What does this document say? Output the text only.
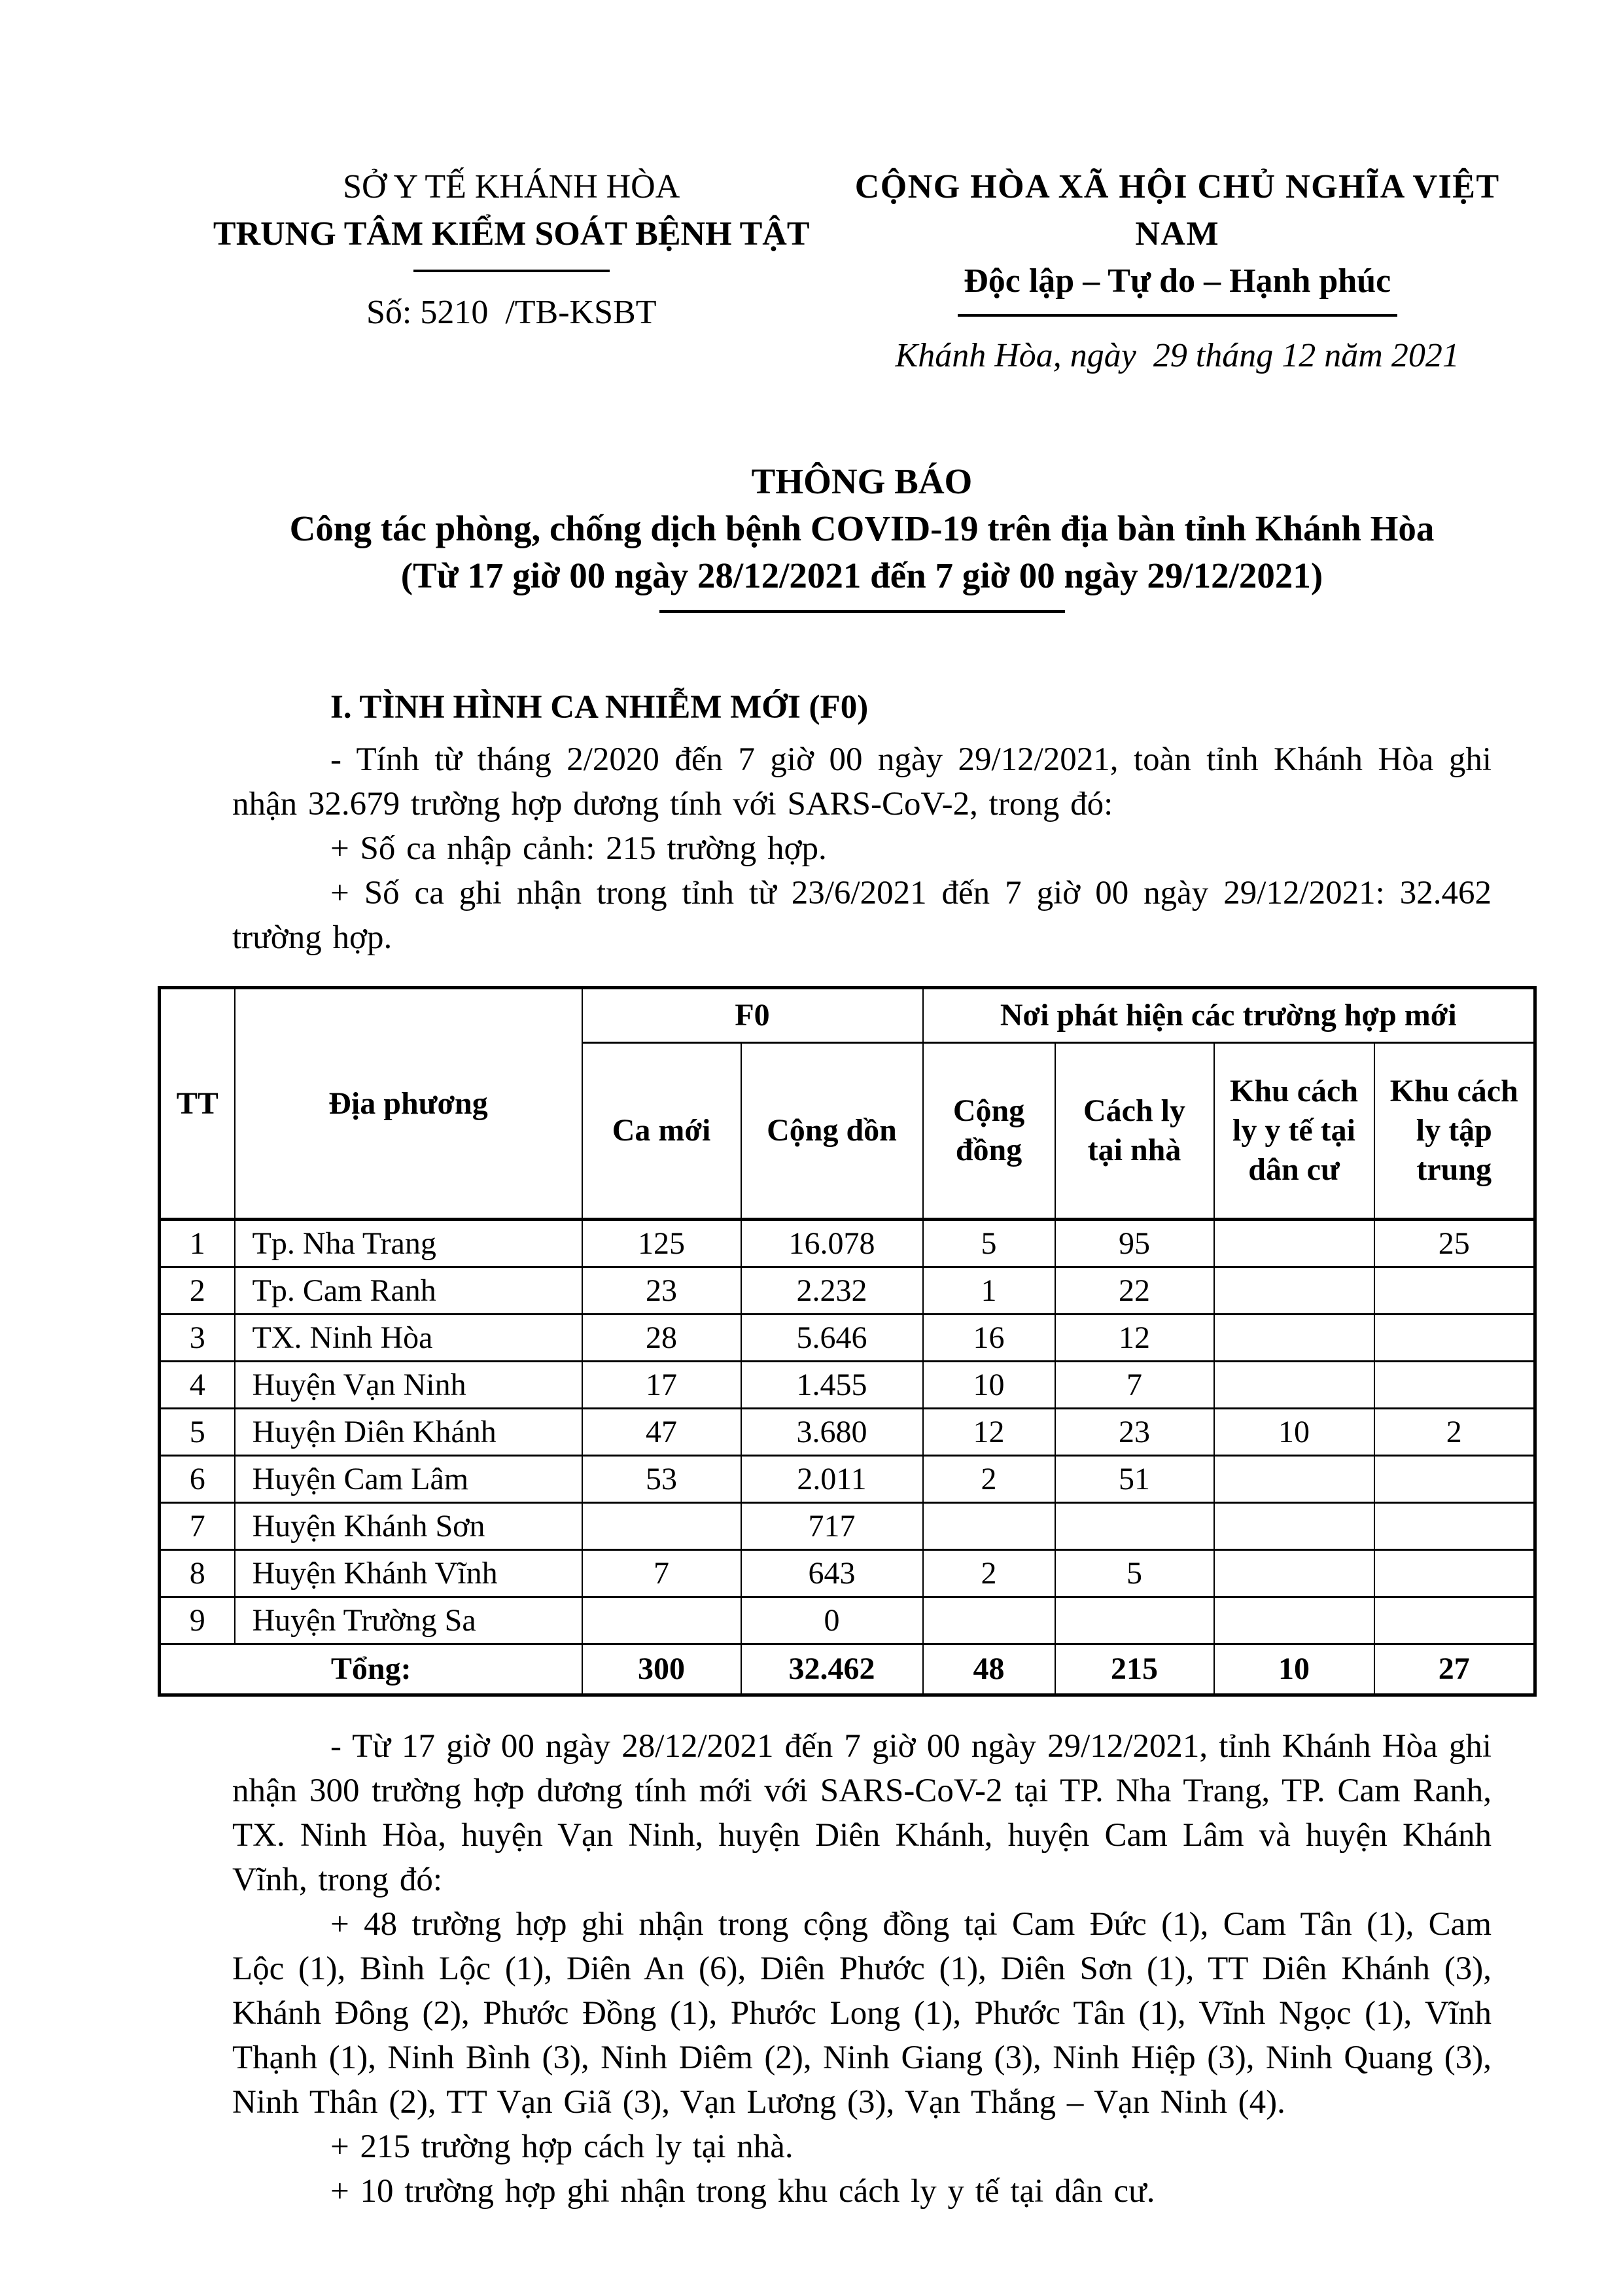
SỞ Y TẾ KHÁNH HÒA
TRUNG TÂM KIỂM SOÁT BỆNH TẬT
Số: 5210  /TB-KSBT
CỘNG HÒA XÃ HỘI CHỦ NGHĨA VIỆT NAM
Độc lập – Tự do – Hạnh phúc
Khánh Hòa, ngày  29 tháng 12 năm 2021
THÔNG BÁO
Công tác phòng, chống dịch bệnh COVID-19 trên địa bàn tỉnh Khánh Hòa
(Từ 17 giờ 00 ngày 28/12/2021 đến 7 giờ 00 ngày 29/12/2021)
I. TÌNH HÌNH CA NHIỄM MỚI (F0)

- Tính từ tháng 2/2020 đến 7 giờ 00 ngày 29/12/2021, toàn tỉnh Khánh Hòa ghi nhận 32.679 trường hợp dương tính với SARS-CoV-2, trong đó:

+ Số ca nhập cảnh: 215 trường hợp.

+ Số ca ghi nhận trong tỉnh từ 23/6/2021 đến 7 giờ 00 ngày 29/12/2021: 32.462 trường hợp.

TT	Địa phương	F0		Nơi phát hiện các trường hợp mới			
		Ca mới	Cộng dồn	Cộng đồng	Cách ly tại nhà	Khu cách ly y tế tại dân cư	Khu cách ly tập trung
1	Tp. Nha Trang	125	16.078	5	95		25
2	Tp. Cam Ranh	23	2.232	1	22		
3	TX. Ninh Hòa	28	5.646	16	12		
4	Huyện Vạn Ninh	17	1.455	10	7		
5	Huyện Diên Khánh	47	3.680	12	23	10	2
6	Huyện Cam Lâm	53	2.011	2	51		
7	Huyện Khánh Sơn		717				
8	Huyện Khánh Vĩnh	7	643	2	5		
9	Huyện Trường Sa		0				
Tổng:		300	32.462	48	215	10	27

- Từ 17 giờ 00 ngày 28/12/2021 đến 7 giờ 00 ngày 29/12/2021, tỉnh Khánh Hòa ghi nhận 300 trường hợp dương tính mới với SARS-CoV-2 tại TP. Nha Trang, TP. Cam Ranh, TX. Ninh Hòa, huyện Vạn Ninh, huyện Diên Khánh, huyện Cam Lâm và huyện Khánh Vĩnh, trong đó:

+ 48 trường hợp ghi nhận trong cộng đồng tại Cam Đức (1), Cam Tân (1), Cam Lộc (1), Bình Lộc (1), Diên An (6), Diên Phước (1), Diên Sơn (1), TT Diên Khánh (3), Khánh Đông (2), Phước Đồng (1), Phước Long (1), Phước Tân (1), Vĩnh Ngọc (1), Vĩnh Thạnh (1), Ninh Bình (3), Ninh Diêm (2), Ninh Giang (3), Ninh Hiệp (3), Ninh Quang (3), Ninh Thân (2), TT Vạn Giã (3), Vạn Lương (3), Vạn Thắng – Vạn Ninh (4).

+ 215 trường hợp cách ly tại nhà.

+ 10 trường hợp ghi nhận trong khu cách ly y tế tại dân cư.
